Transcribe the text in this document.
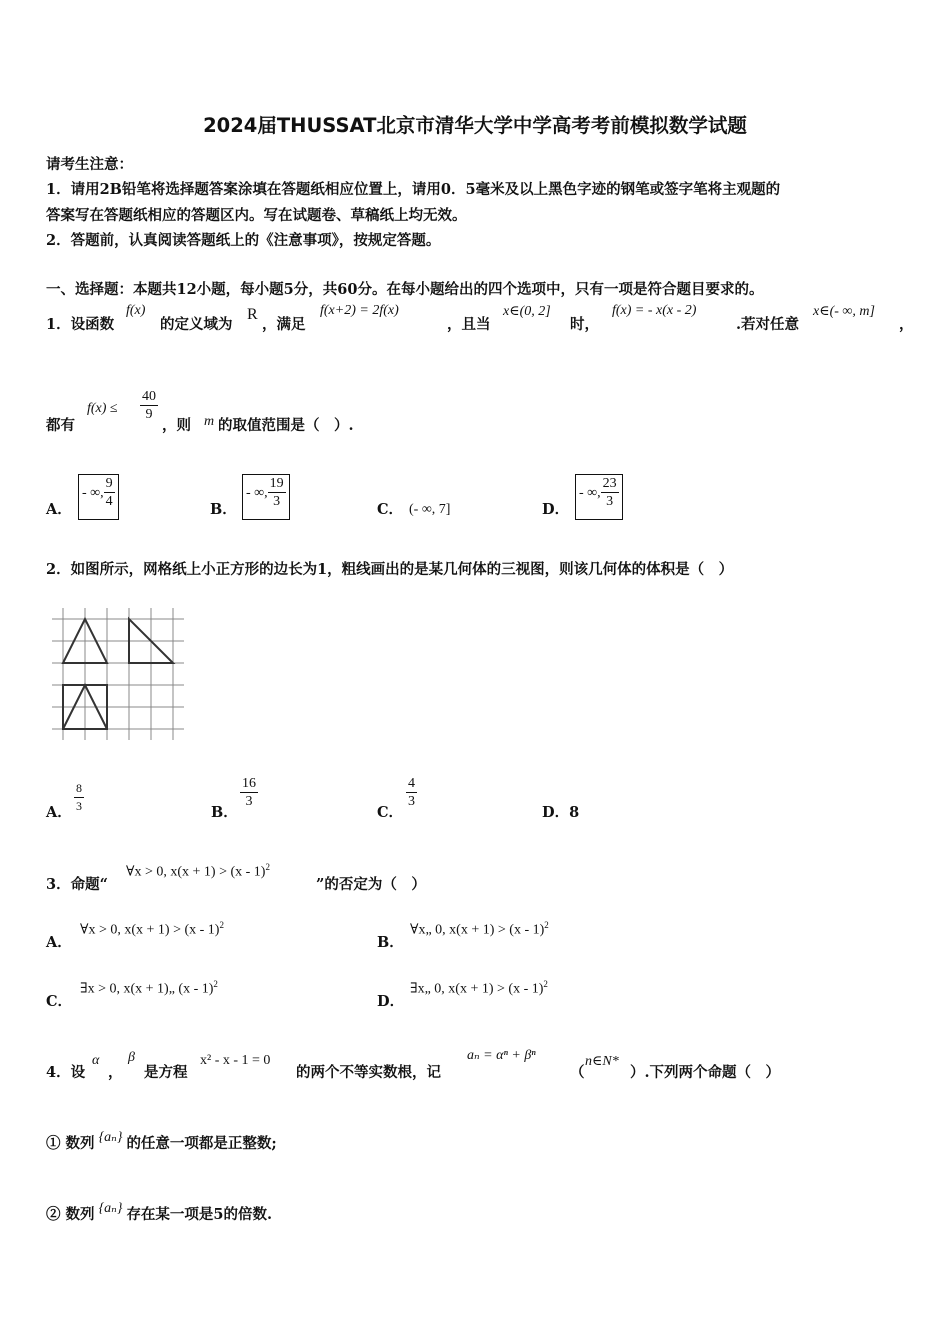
2024届THUSSAT北京市清华大学中学高考考前模拟数学试题
请考生注意：
1．请用2B铅笔将选择题答案涂填在答题纸相应位置上，请用0．5毫米及以上黑色字迹的钢笔或签字笔将主观题的
答案写在答题纸相应的答题区内。写在试题卷、草稿纸上均无效。
2．答题前，认真阅读答题纸上的《注意事项》，按规定答题。
一、选择题：本题共12小题，每小题5分，共60分。在每小题给出的四个选项中，只有一项是符合题目要求的。
1．设函数
f(x)
的定义域为
R
，满足
f(x+2) = 2f(x)
，且当
x∈(0, 2]
时，
f(x) = - x(x - 2)
.若对任意
x∈(- ∞, m]
，
都有
$f(x) \le \frac{40}{9}$
，则 m 的取值范围是（　）.
A．
- ∞, $\frac{9}{4}$	B．
- ∞, $\frac{19}{3}$	C． (- ∞, 7]	D．
- ∞, $\frac{23}{3}$
2．如图所示，网格纸上小正方形的边长为1，粗线画出的是某几何体的三视图，则该几何体的体积是（　）
A． $\frac{8}{3}$	B．
$\frac{16}{3}$
C．
$\frac{4}{3}$
D．8
3．命题“
∀x > 0, x(x + 1) > (x - 1)$^2$
”的否定为（　）
A．
∀x > 0, x(x + 1) > (x - 1)$^2$
B．
∀x„ 0, x(x + 1) > (x - 1)$^2$
C．
∃x > 0, x(x + 1)„ (x - 1)$^2$
D．
∃x„ 0, x(x + 1) > (x - 1)$^2$
4．设
α
，
β
是方程
x² - x - 1 = 0
的两个不等实数根，记
aₙ = αⁿ + βⁿ
（
n∈N*
）.下列两个命题（　）
① 数列 {aₙ} 的任意一项都是正整数;
② 数列 {aₙ} 存在某一项是5的倍数.
